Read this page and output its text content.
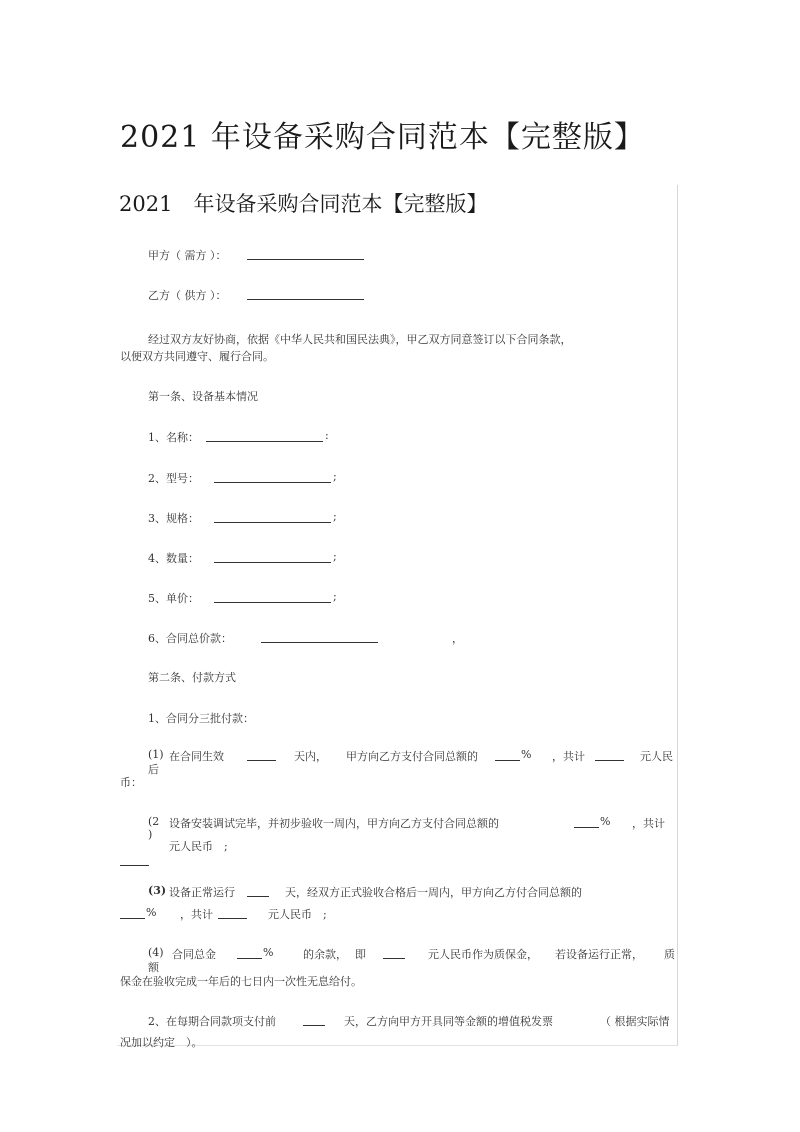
2021 年设备采购合同范本【完整版】
2021　年设备采购合同范本【完整版】
甲方（ 需方 ）：
乙方（ 供方 ）：
经过双方友好协商，依据《中华人民共和国民法典》，甲乙双方同意签订以下合同条款，
以便双方共同遵守、履行合同。
第一条、设备基本情况
1、名称：	:
2、型号：	;
3、规格：	;
4、数量：	;
5、单价：	;
6、合同总价款：	，
第二条、付款方式
1、合同分三批付款：
(1) 在合同生效
后
天内， 甲方向乙方支付合同总额的	% ，共计	元人民
币：
(2
)
设备安装调试完毕，并初步验收一周内，甲方向乙方支付合同总额的	% ，共计
元人民币　;
(3) 设备正常运行	天，经双方正式验收合格后一周内，甲方向乙方付合同总额的
% ，共计	元人民币　;
(4) 合同总金
额
%	的余款， 即	元人民币作为质保金， 若设备运行正常， 质
保金在验收完成一年后的七日内一次性无息给付。
2、在每期合同款项支付前	天，乙方向甲方开具同等金额的增值税发票	（ 根据实际情
况加以约定　）。
